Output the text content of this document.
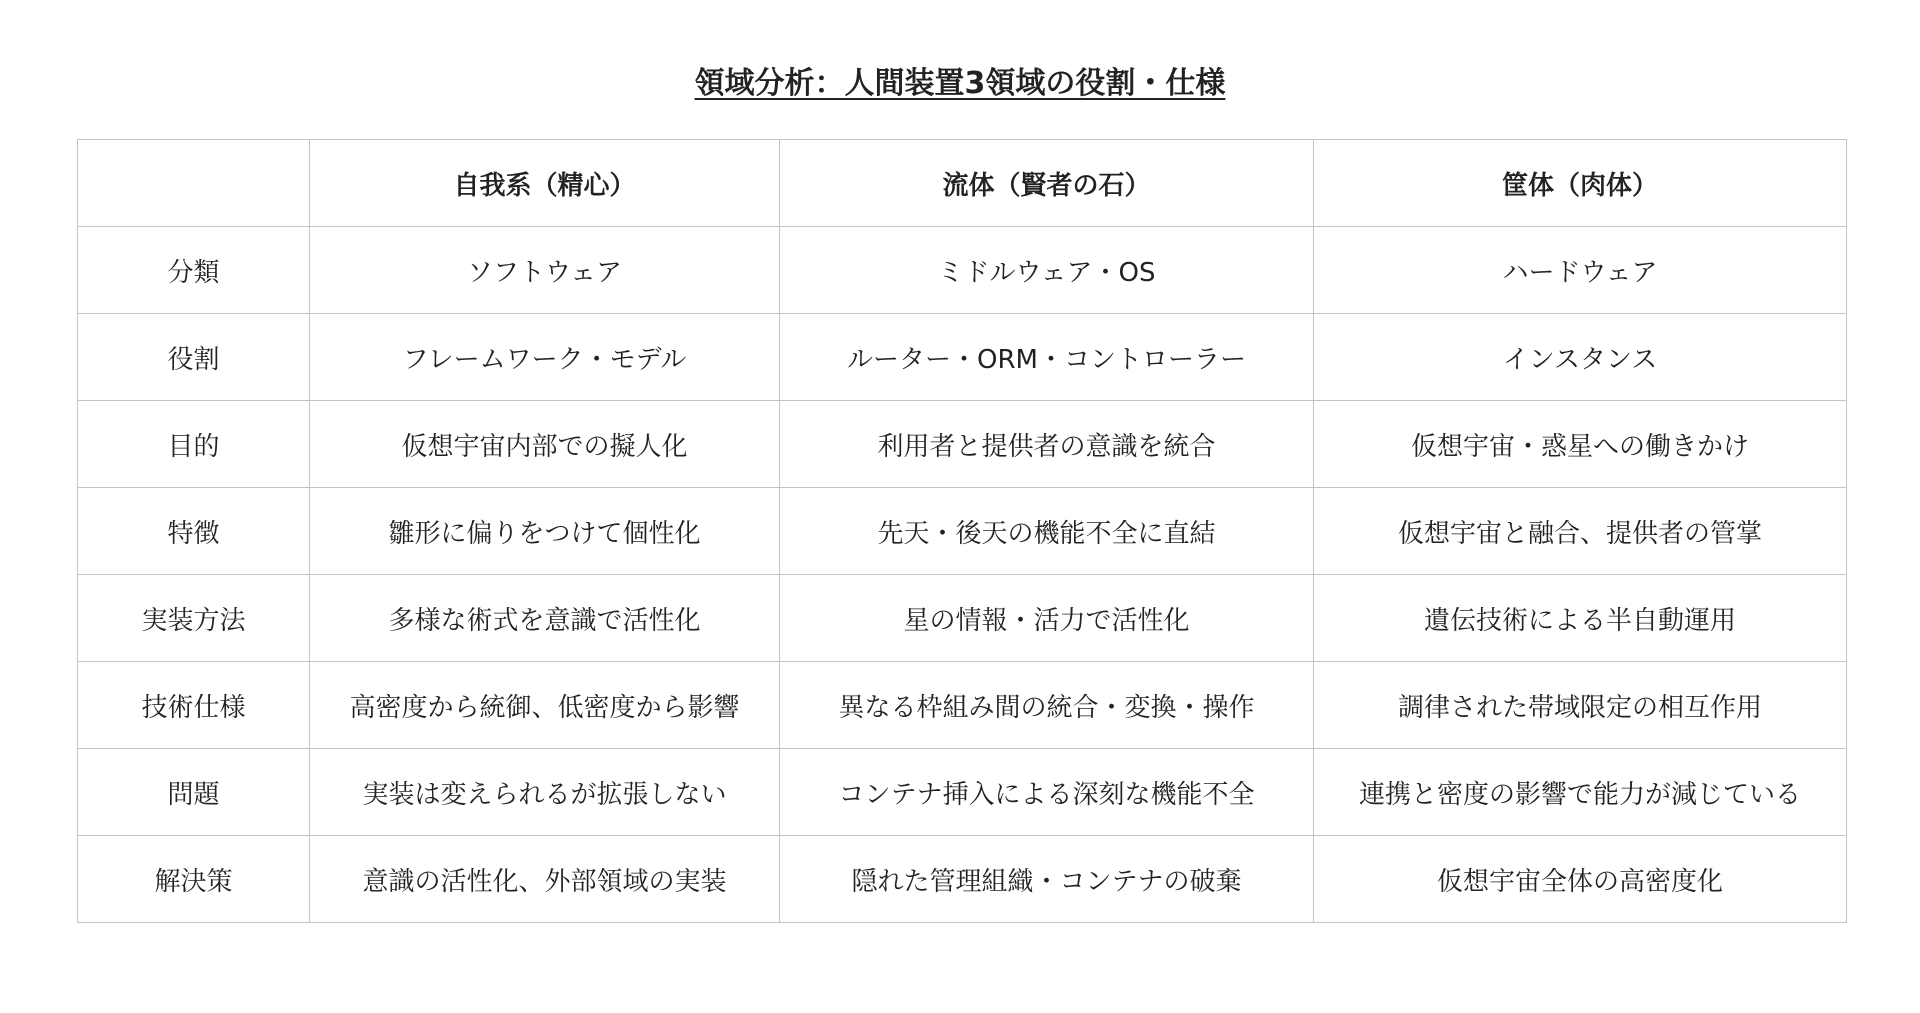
領域分析：人間装置3領域の役割・仕様
	自我系（精心）	流体（賢者の石）	筐体（肉体）
分類	ソフトウェア	ミドルウェア・OS	ハードウェア
役割	フレームワーク・モデル	ルーター・ORM・コントローラー	インスタンス
目的	仮想宇宙内部での擬人化	利用者と提供者の意識を統合	仮想宇宙・惑星への働きかけ
特徴	雛形に偏りをつけて個性化	先天・後天の機能不全に直結	仮想宇宙と融合、提供者の管掌
実装方法	多様な術式を意識で活性化	星の情報・活力で活性化	遺伝技術による半自動運用
技術仕様	高密度から統御、低密度から影響	異なる枠組み間の統合・変換・操作	調律された帯域限定の相互作用
問題	実装は変えられるが拡張しない	コンテナ挿入による深刻な機能不全	連携と密度の影響で能力が減じている
解決策	意識の活性化、外部領域の実装	隠れた管理組織・コンテナの破棄	仮想宇宙全体の高密度化
